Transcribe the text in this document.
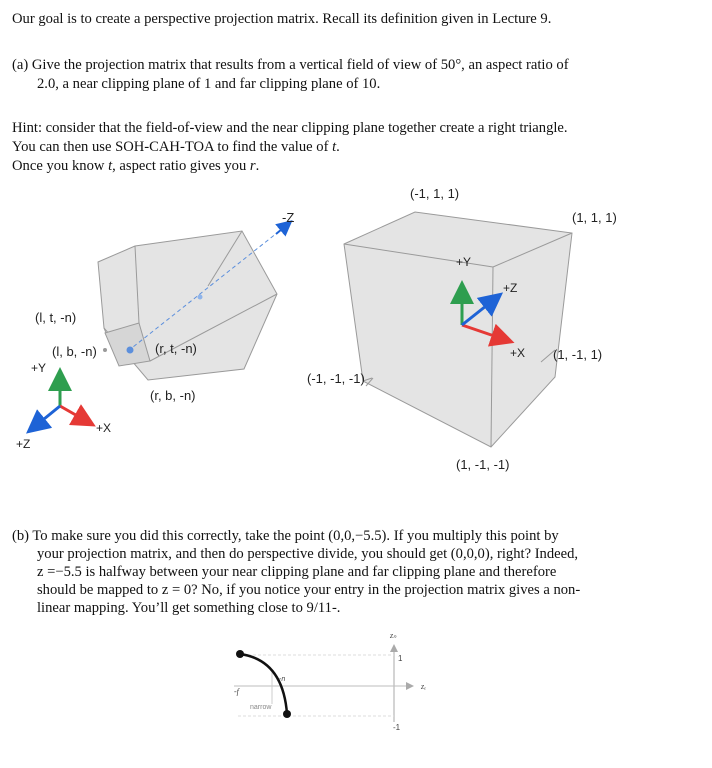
Our goal is to create a perspective projection matrix. Recall its definition given in Lecture 9.
(a) Give the projection matrix that results from a vertical field of view of 50°, an aspect ratio of
2.0, a near clipping plane of 1 and far clipping plane of 10.
Hint: consider that the field-of-view and the near clipping plane together create a right triangle.
You can then use SOH-CAH-TOA to find the value of t.
Once you know t, aspect ratio gives you r.
-Z
(l, t, -n)
(l, b, -n)	(r, t, -n)
(r, b, -n)
+Y
+X
+Z
(-1, 1, 1)
(1, 1, 1)
(-1, -1, -1)
(1, -1, 1)
(1, -1, -1)
+Y
+Z
+X
(b) To make sure you did this correctly, take the point (0,0,−5.5). If you multiply this point by
your projection matrix, and then do perspective divide, you should get (0,0,0), right? Indeed,
z =−5.5 is halfway between your near clipping plane and far clipping plane and therefore
should be mapped to z = 0? No, if you notice your entry in the projection matrix gives a non-
linear mapping. You’ll get something close to 9/11-.
zₙ
1
-n
zₑ
-f
narrow
-1
